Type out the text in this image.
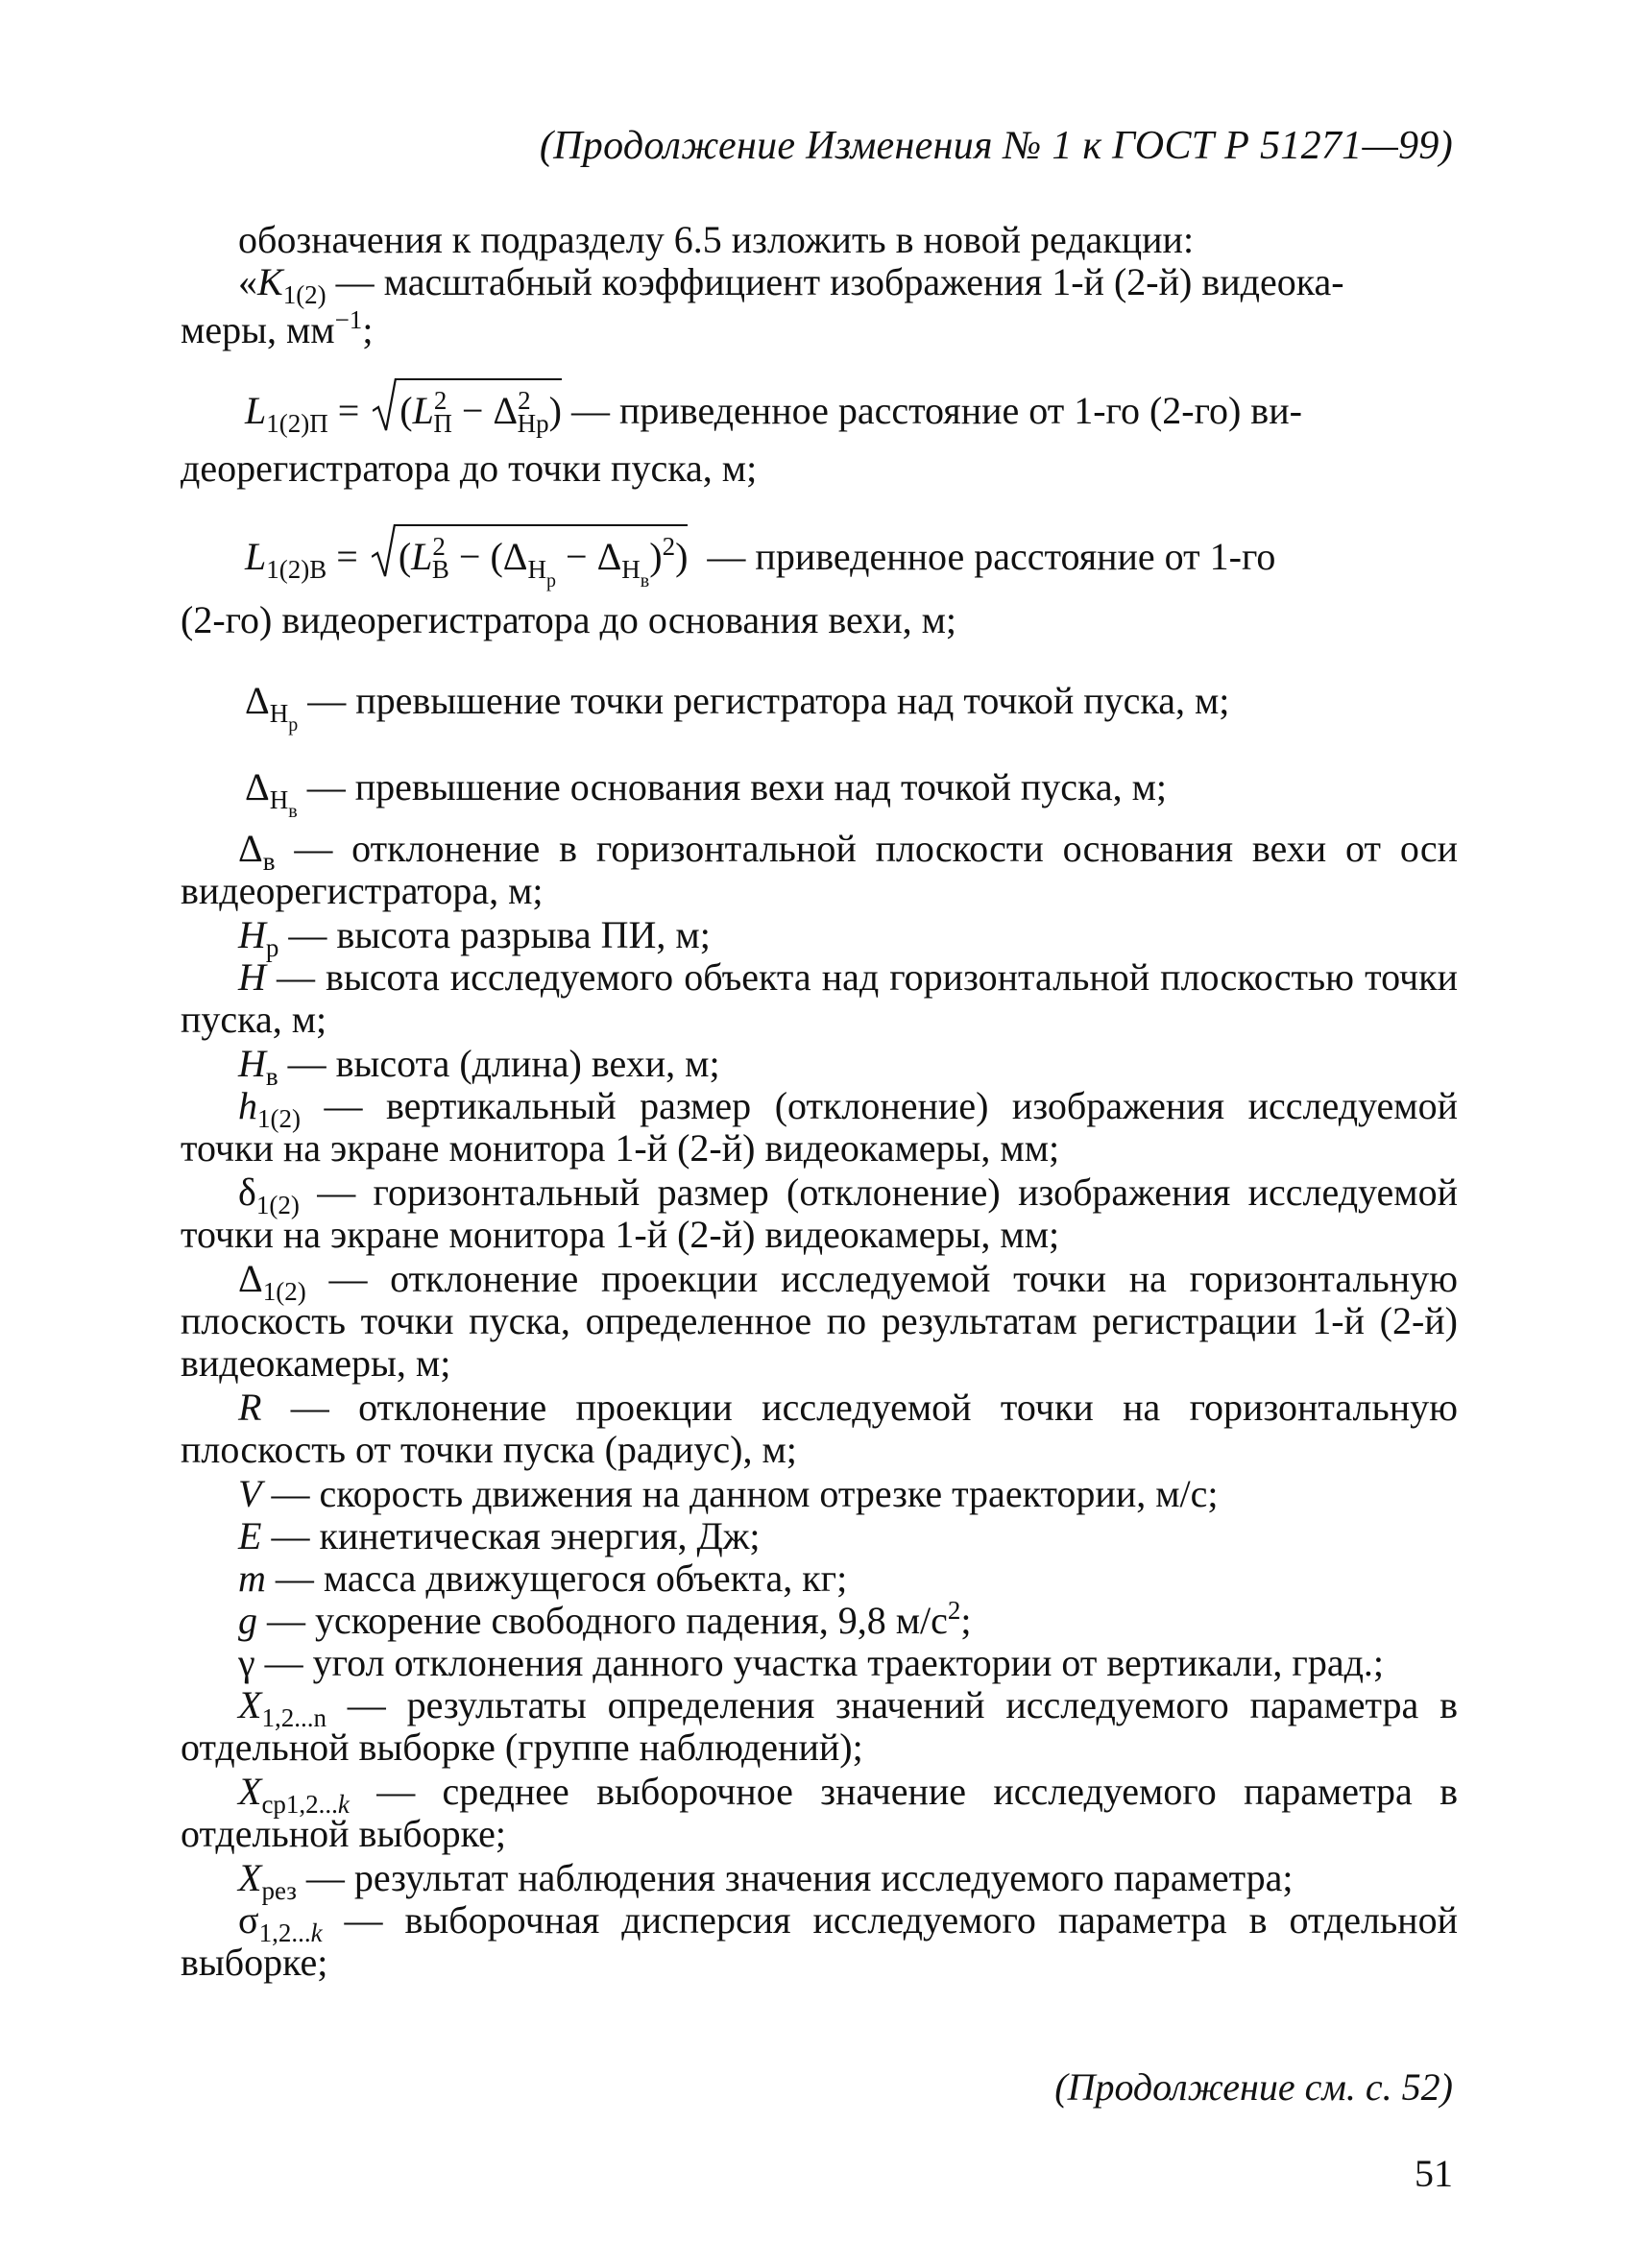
(Продолжение Изменения № 1 к ГОСТ Р 51271—99)
обозначения к подразделу 6.5 изложить в новой редакции:
«$K_{1(2)}$ — масштабный коэффициент изображения 1-й (2-й) видеока-
меры, $мм^{-1}$;
$L_{1(2)П}$ =
$(L^2_П - \Delta^2_{Нр})$ — приведенное расстояние от 1-го (2-го) ви-
деорегистратора до точки пуска, м;
$L_{1(2)В}$ =
$(L^2_В - (\Delta_{Н_р} - \Delta_{Н_в})^2)$  — приведенное расстояние от 1-го
(2-го) видеорегистратора до основания вехи, м;
$\Delta_{Н_р}$ — превышение точки регистратора над точкой пуска, м;
$\Delta_{Н_в}$ — превышение основания вехи над точкой пуска, м;
$\Delta_в$ — отклонение в горизонтальной плоскости основания вехи от оси видеорегистратора, м;
$H_р$ — высота разрыва ПИ, м;
H — высота исследуемого объекта над горизонтальной плоскостью точки пуска, м;
$H_в$ — высота (длина) вехи, м;
$h_{1(2)}$ — вертикальный размер (отклонение) изображения исследуемой точки на экране монитора 1-й (2-й) видеокамеры, мм;
$\delta_{1(2)}$ — горизонтальный размер (отклонение) изображения исследуемой точки на экране монитора 1-й (2-й) видеокамеры, мм;
$\Delta_{1(2)}$ — отклонение проекции исследуемой точки на горизонтальную плоскость точки пуска, определенное по результатам регистрации 1-й (2-й) видеокамеры, м;
R — отклонение проекции исследуемой точки на горизонтальную плоскость от точки пуска (радиус), м;
V — скорость движения на данном отрезке траектории, м/с;
E — кинетическая энергия, Дж;
m — масса движущегося объекта, кг;
g — ускорение свободного падения, 9,8 $м/с^2$;
γ — угол отклонения данного участка траектории от вертикали, град.;
$X_{1,2...n}$ — результаты определения значений исследуемого параметра в отдельной выборке (группе наблюдений);
$X_{ср1,2...k}$ — среднее выборочное значение исследуемого параметра в отдельной выборке;
$X_{рез}$ — результат наблюдения значения исследуемого параметра;
$\sigma_{1,2...k}$ — выборочная дисперсия исследуемого параметра в отдельной выборке;
(Продолжение см. с. 52)
51
